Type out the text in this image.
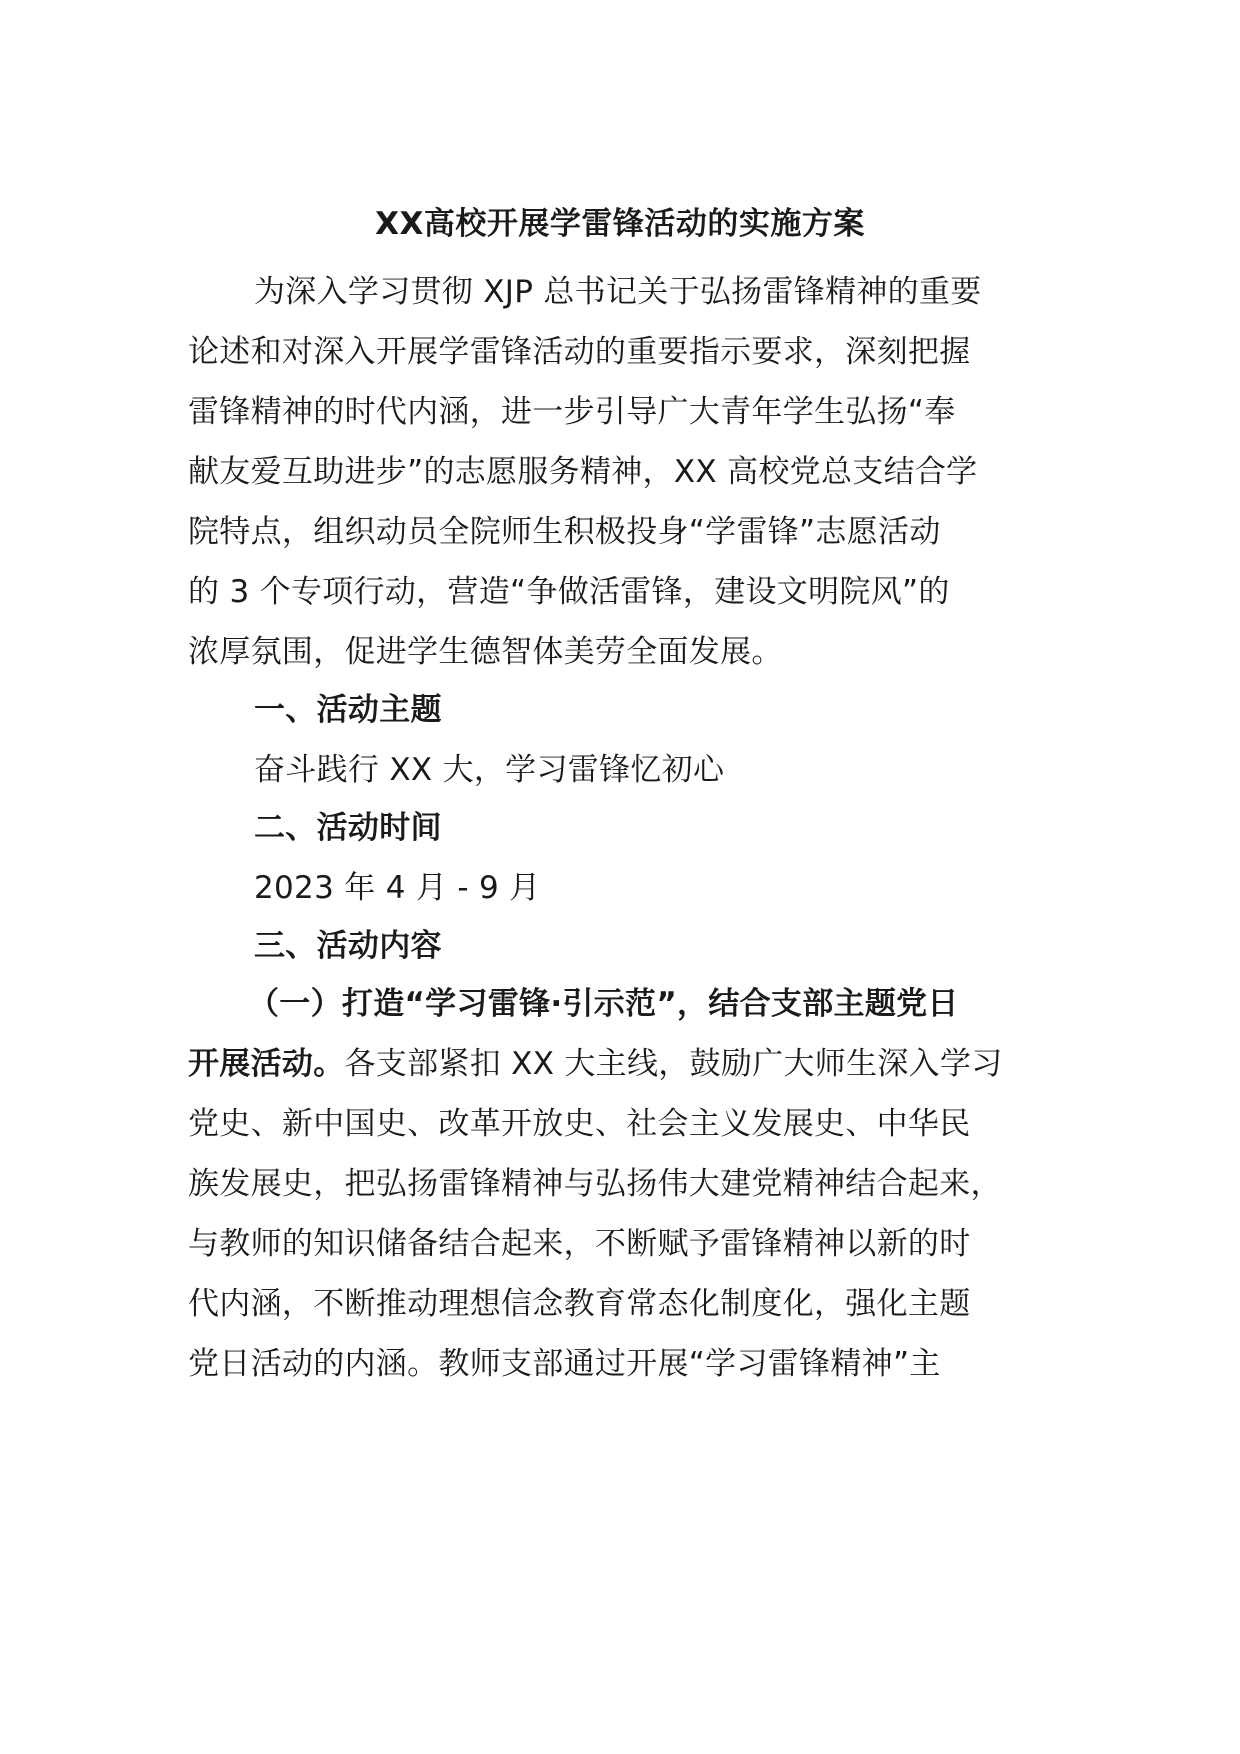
XX高校开展学雷锋活动的实施方案
为深入学习贯彻 XJP 总书记关于弘扬雷锋精神的重要
论述和对深入开展学雷锋活动的重要指示要求，深刻把握
雷锋精神的时代内涵，进一步引导广大青年学生弘扬“奉
献友爱互助进步”的志愿服务精神，XX 高校党总支结合学
院特点，组织动员全院师生积极投身“学雷锋”志愿活动
的 3 个专项行动，营造“争做活雷锋，建设文明院风”的
浓厚氛围，促进学生德智体美劳全面发展。
一、活动主题
奋斗践行 XX 大，学习雷锋忆初心
二、活动时间
2023 年 4 月 - 9 月
三、活动内容
（一）打造“学习雷锋·引示范”，结合支部主题党日
开展活动。各支部紧扣 XX 大主线，鼓励广大师生深入学习
党史、新中国史、改革开放史、社会主义发展史、中华民
族发展史，把弘扬雷锋精神与弘扬伟大建党精神结合起来，
与教师的知识储备结合起来，不断赋予雷锋精神以新的时
代内涵，不断推动理想信念教育常态化制度化，强化主题
党日活动的内涵。教师支部通过开展“学习雷锋精神”主
